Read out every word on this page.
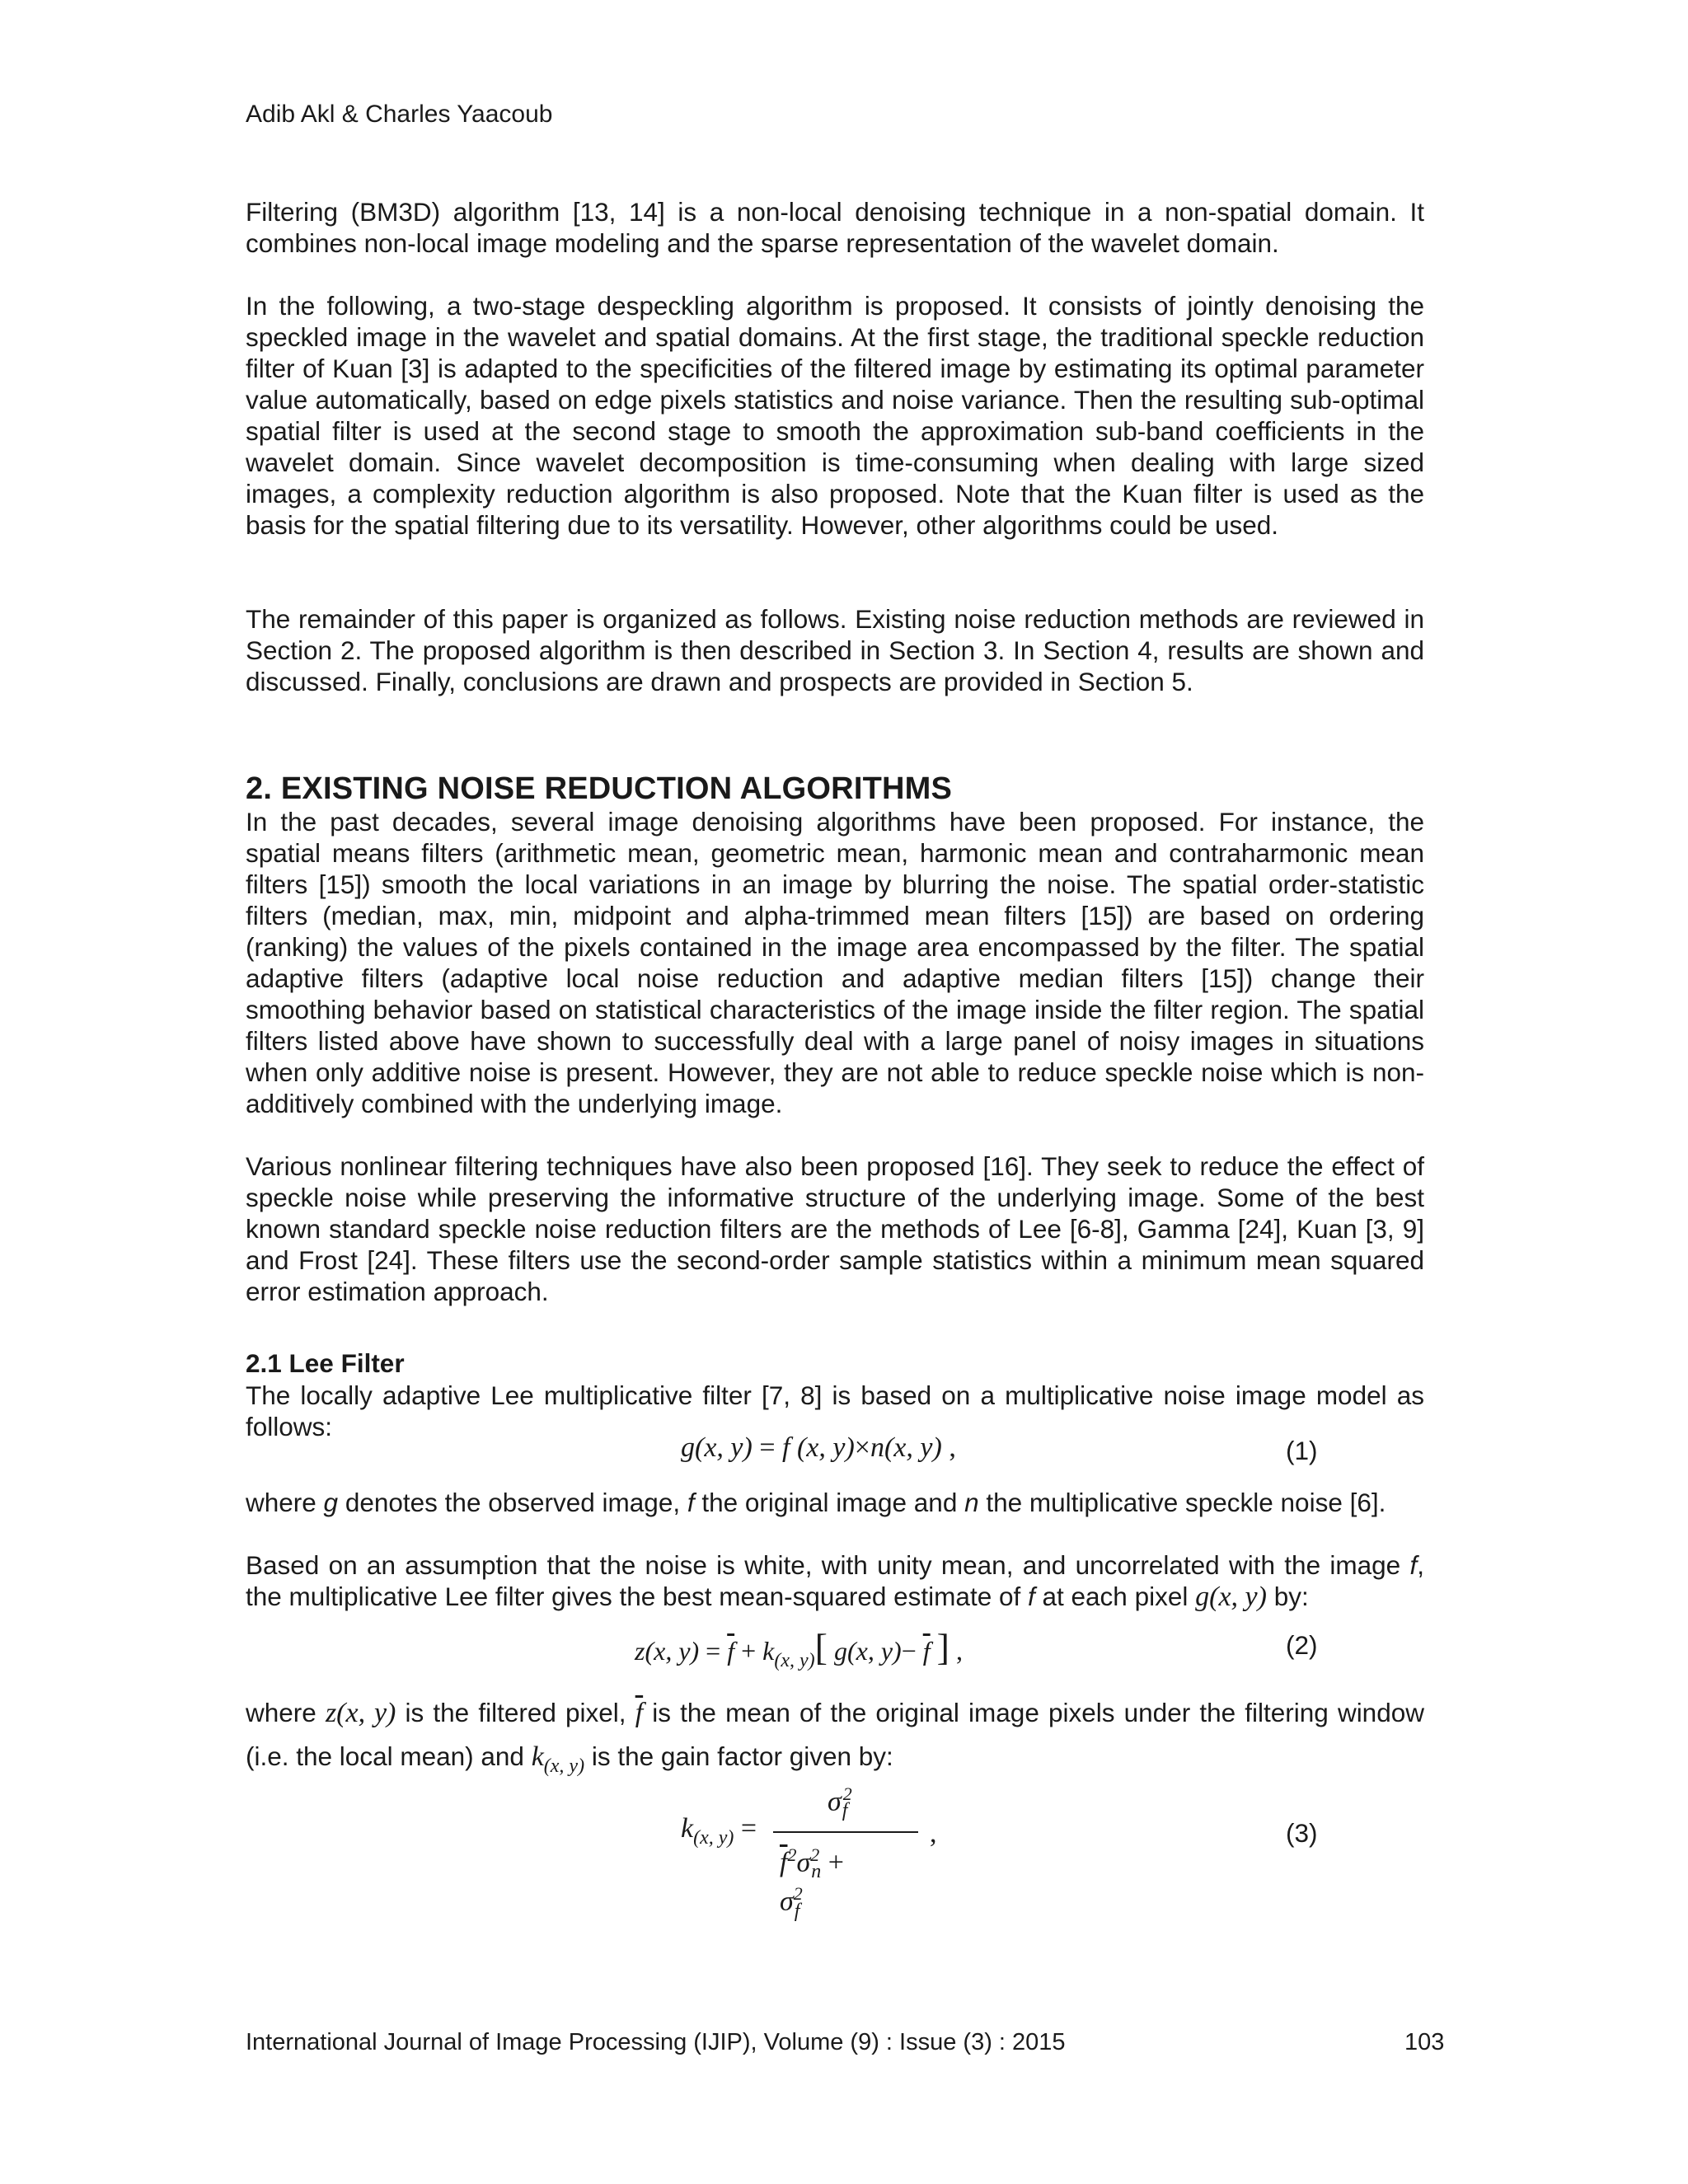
Adib Akl & Charles Yaacoub

Filtering (BM3D) algorithm [13, 14] is a non-local denoising technique in a non-spatial domain. It combines non-local image modeling and the sparse representation of the wavelet domain.

In the following, a two-stage despeckling algorithm is proposed. It consists of jointly denoising the speckled image in the wavelet and spatial domains. At the first stage, the traditional speckle reduction filter of Kuan [3] is adapted to the specificities of the filtered image by estimating its optimal parameter value automatically, based on edge pixels statistics and noise variance. Then the resulting sub-optimal spatial filter is used at the second stage to smooth the approximation sub-band coefficients in the wavelet domain. Since wavelet decomposition is time-consuming when dealing with large sized images, a complexity reduction algorithm is also proposed. Note that the Kuan filter is used as the basis for the spatial filtering due to its versatility. However, other algorithms could be used.

The remainder of this paper is organized as follows. Existing noise reduction methods are reviewed in Section 2. The proposed algorithm is then described in Section 3. In Section 4, results are shown and discussed. Finally, conclusions are drawn and prospects are provided in Section 5.

2. EXISTING NOISE REDUCTION ALGORITHMS

In the past decades, several image denoising algorithms have been proposed. For instance, the spatial means filters (arithmetic mean, geometric mean, harmonic mean and contraharmonic mean filters [15]) smooth the local variations in an image by blurring the noise. The spatial order-statistic filters (median, max, min, midpoint and alpha-trimmed mean filters [15]) are based on ordering (ranking) the values of the pixels contained in the image area encompassed by the filter. The spatial adaptive filters (adaptive local noise reduction and adaptive median filters [15]) change their smoothing behavior based on statistical characteristics of the image inside the filter region. The spatial filters listed above have shown to successfully deal with a large panel of noisy images in situations when only additive noise is present. However, they are not able to reduce speckle noise which is non-additively combined with the underlying image.

Various nonlinear filtering techniques have also been proposed [16]. They seek to reduce the effect of speckle noise while preserving the informative structure of the underlying image. Some of the best known standard speckle noise reduction filters are the methods of Lee [6-8], Gamma [24], Kuan [3, 9] and Frost [24]. These filters use the second-order sample statistics within a minimum mean squared error estimation approach.

2.1 Lee Filter

The locally adaptive Lee multiplicative filter [7, 8] is based on a multiplicative noise image model as follows:

g(x, y) = f (x, y)×n(x, y) ,	(1)

where g denotes the observed image, f the original image and n the multiplicative speckle noise [6].

Based on an assumption that the noise is white, with unity mean, and uncorrelated with the image f, the multiplicative Lee filter gives the best mean-squared estimate of f at each pixel g(x, y) by:

z(x, $y) = \overline{f} + k_{(x, y)}$[ g(x, $y)- \overline{f}$ ] ,	(2)

where z(x, y) is the filtered pixel, $\overline{f}$ is the mean of the original image pixels under the filtering window (i.e. the local mean) and $k_{(x, y)}$ is the gain factor given by:

$k_{(x, y)}$ =
$\sigma^2_f$
$\overline{f}^2\sigma^2_n + \sigma^2_f$
,	(3)
International Journal of Image Processing (IJIP), Volume (9) : Issue (3) : 2015	103
